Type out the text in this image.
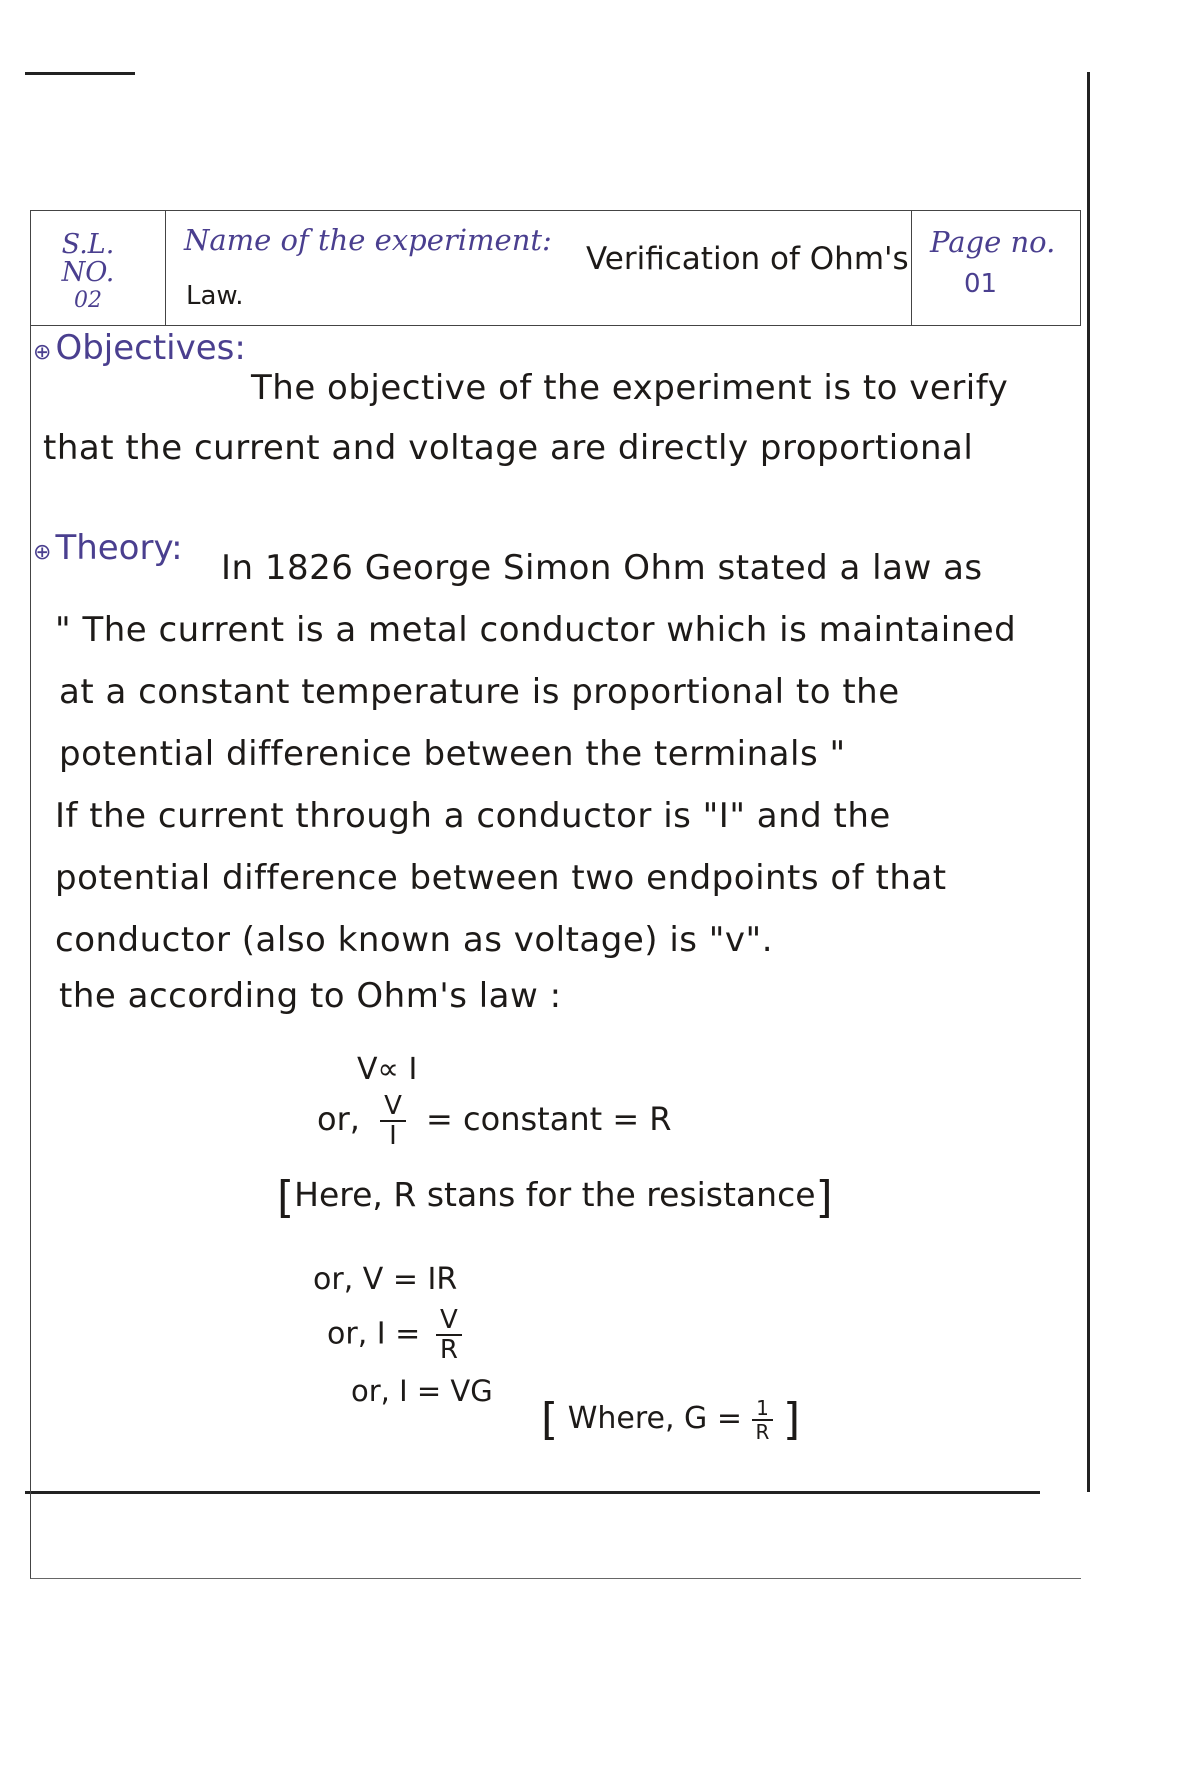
S.L.
NO.
02
Name of the experiment:
Verification of Ohm's
Law.
Page no.
01
⊕ Objectives:
The objective of the experiment is to verify
that the current and voltage are directly proportional
⊕ Theory: In 1826 George Simon Ohm stated a law as
" The current is a metal conductor which is maintained
at a constant temperature is proportional to the
potential differenice between the terminals "
If the current through a conductor is "I" and the
potential difference between two endpoints of that
conductor (also known as voltage) is "v".
the according to Ohm's law :
V∝ I
or, $\frac{V}{I}$ = constant = R
[Here, R stans for the resistance]
or, V = IR
or, $I = \frac{V}{R}$
or, I = VG
[ Where, $G = \frac{1}{R}$ ]
